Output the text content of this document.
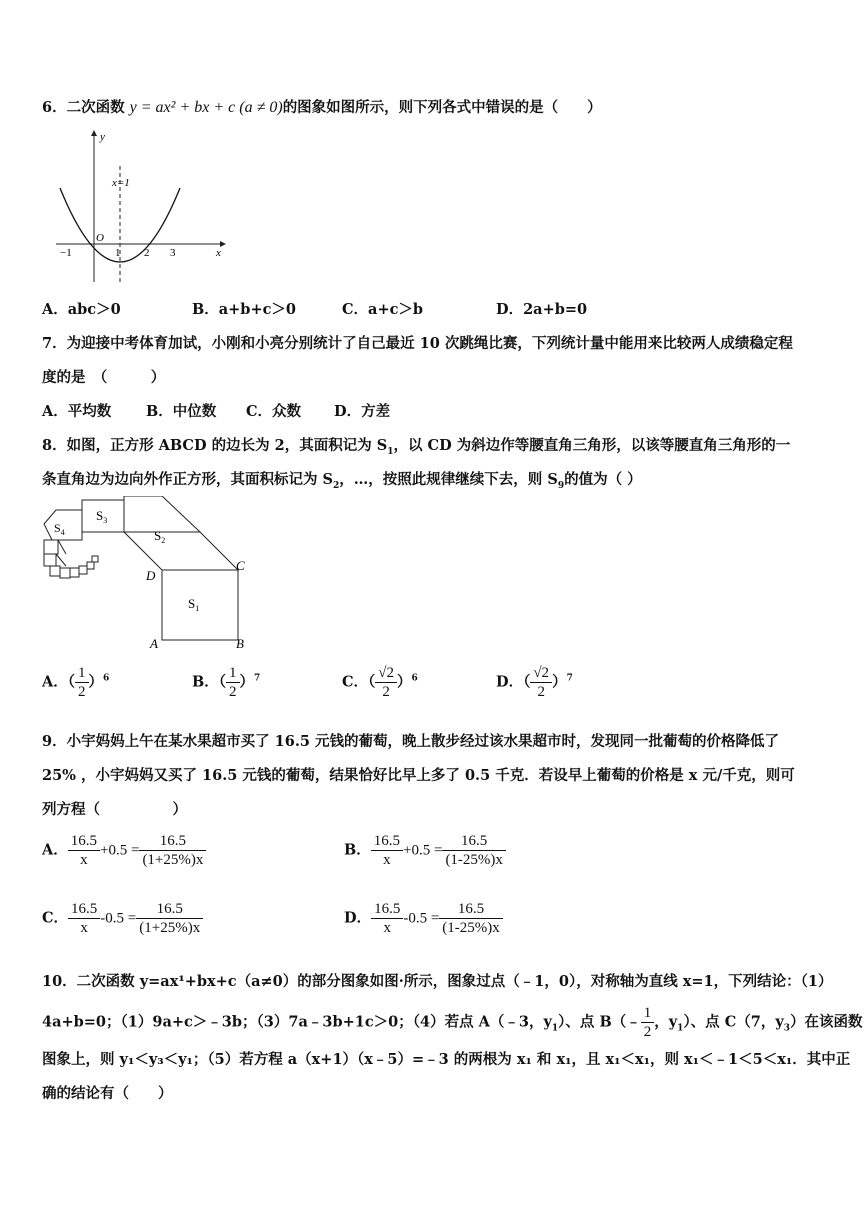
6．二次函数 y = ax² + bx + c (a ≠ 0)的图象如图所示，则下列各式中错误的是（　　）
y
x
O
x=1
−1	1 2 3
A．abc＞0	B．a+b+c＞0	C．a+c＞b	D．2a+b=0
7．为迎接中考体育加试，小刚和小亮分别统计了自己最近 10 次跳绳比赛，下列统计量中能用来比较两人成绩稳定程
度的是　（　　　）
A．平均数 B．中位数 C．众数 D．方差
8．如图，正方形 ABCD 的边长为 2，其面积记为 $S_1$，以 CD 为斜边作等腰直角三角形，以该等腰直角三角形的一
条直角边为边向外作正方形，其面积标记为 $S_2$，…，按照此规律继续下去，则 $S_9$的值为（ ）
$S_1$
$S_2$
$S_3$
$S_4$
D
C
A	B
A．（ $\frac{1}{2} )^6$	B．（ $\frac{1}{2} )^7$	C．（ $\frac{√2}{2} )^6$	D．（ $\frac{√2}{2} )^7$
9．小宇妈妈上午在某水果超市买了 16.5 元钱的葡萄，晚上散步经过该水果超市时，发现同一批葡萄的价格降低了
25% ，小宇妈妈又买了 16.5 元钱的葡萄，结果恰好比早上多了 0.5 千克．若设早上葡萄的价格是 x 元/千克，则可
列方程（　　　　　）
A． $\frac{16.5}{x} +0.5 = \frac{16.5}{(1+25\%)x}$	B． $\frac{16.5}{x} +0.5 = \frac{16.5}{(1-25\%)x}$
C． $\frac{16.5}{x} -0.5 = \frac{16.5}{(1+25\%)x}$	D． $\frac{16.5}{x} -0.5 = \frac{16.5}{(1-25\%)x}$
10．二次函数 y=ax¹+bx+c（a≠0）的部分图象如图·所示，图象过点（﹣1，0），对称轴为直线 x=1，下列结论：（1）
4a+b=0；（1）9a+c＞﹣3b；（3）7a﹣3b+1c＞0；（4）若点 A（﹣3，$y_1$）、点 B（﹣ $\frac{1}{2}$ ，$y_1$）、点 C（7，$y_3$）在该函数
图象上，则 y₁＜y₃＜y₁；（5）若方程 a（x+1）（x﹣5）=﹣3 的两根为 x₁ 和 x₁，且 x₁＜x₁，则 x₁＜﹣1＜5＜x₁．其中正
确的结论有（　　）
